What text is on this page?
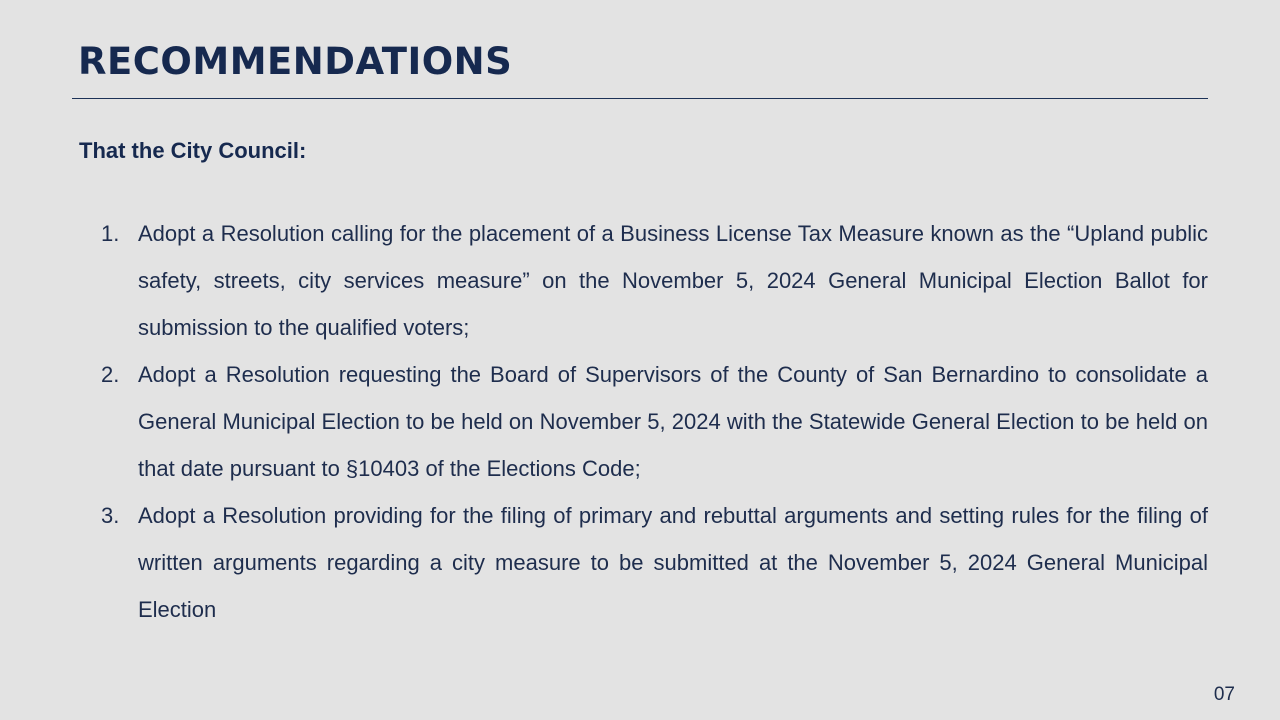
RECOMMENDATIONS

That the City Council:

1. Adopt a Resolution calling for the placement of a Business License Tax Measure known as the “Upland public safety, streets, city services measure” on the November 5, 2024 General Municipal Election Ballot for submission to the qualified voters;
2. Adopt a Resolution requesting the Board of Supervisors of the County of San Bernardino to consolidate a General Municipal Election to be held on November 5, 2024 with the Statewide General Election to be held on that date pursuant to §10403 of the Elections Code;
3. Adopt a Resolution providing for the filing of primary and rebuttal arguments and setting rules for the filing of written arguments regarding a city measure to be submitted at the November 5, 2024 General Municipal Election
07
